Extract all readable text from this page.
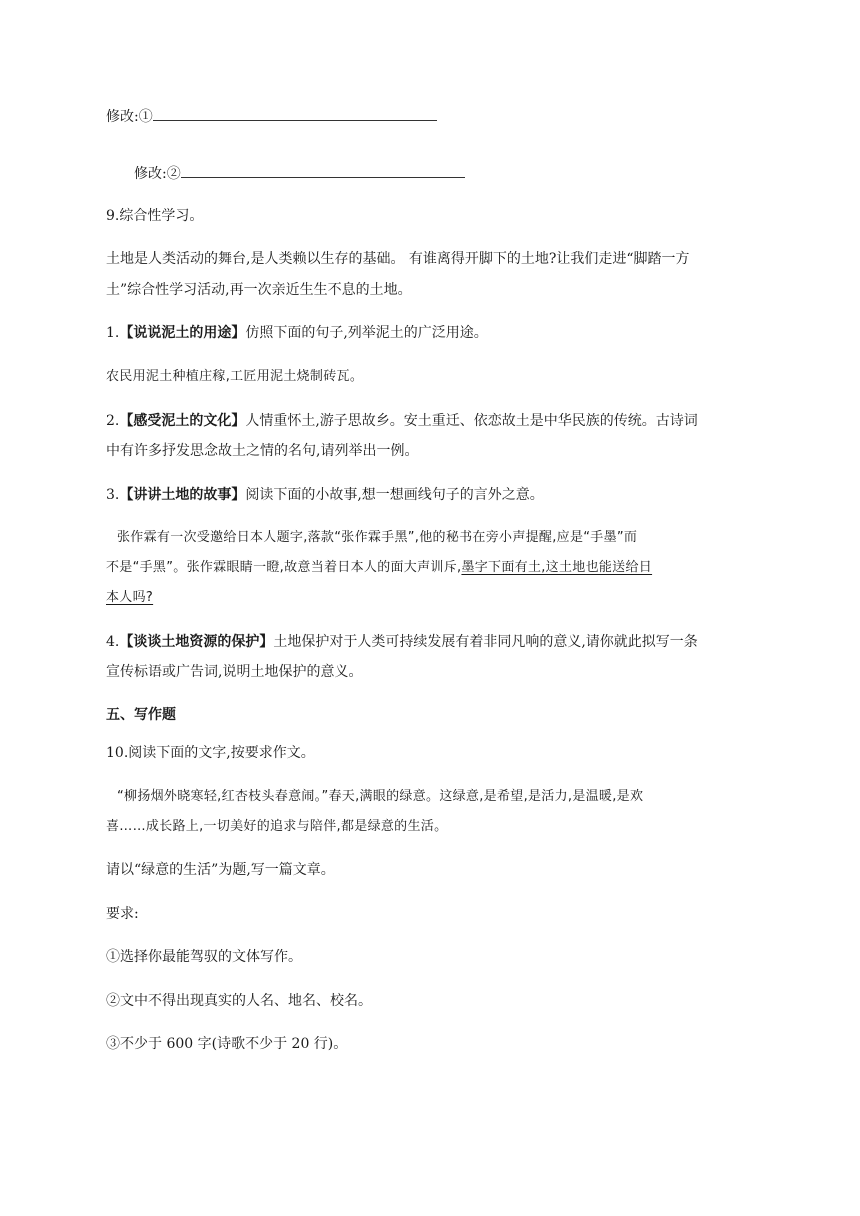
修改:①
修改:②
9.综合性学习。
土地是人类活动的舞台,是人类赖以生存的基础。 有谁离得开脚下的土地?让我们走进“脚踏一方
土”综合性学习活动,再一次亲近生生不息的土地。
1.【说说泥土的用途】仿照下面的句子,列举泥土的广泛用途。
农民用泥土种植庄稼,工匠用泥土烧制砖瓦。
2.【感受泥土的文化】人情重怀土,游子思故乡。安土重迁、依恋故土是中华民族的传统。古诗词
中有许多抒发思念故土之情的名句,请列举出一例。
3.【讲讲土地的故事】阅读下面的小故事,想一想画线句子的言外之意。
张作霖有一次受邀给日本人题字,落款“张作霖手黑”,他的秘书在旁小声提醒,应是“手墨”而
不是“手黑”。张作霖眼睛一瞪,故意当着日本人的面大声训斥,墨字下面有土,这土地也能送给日
本人吗?
4.【谈谈土地资源的保护】土地保护对于人类可持续发展有着非同凡响的意义,请你就此拟写一条
宣传标语或广告词,说明土地保护的意义。
五、写作题
10.阅读下面的文字,按要求作文。
“柳扬烟外晓寒轻,红杏枝头春意闹。”春天,满眼的绿意。这绿意,是希望,是活力,是温暖,是欢
喜……成长路上,一切美好的追求与陪伴,都是绿意的生活。
请以“绿意的生活”为题,写一篇文章。
要求:
①选择你最能驾驭的文体写作。
②文中不得出现真实的人名、地名、校名。
③不少于 600 字(诗歌不少于 20 行)。
